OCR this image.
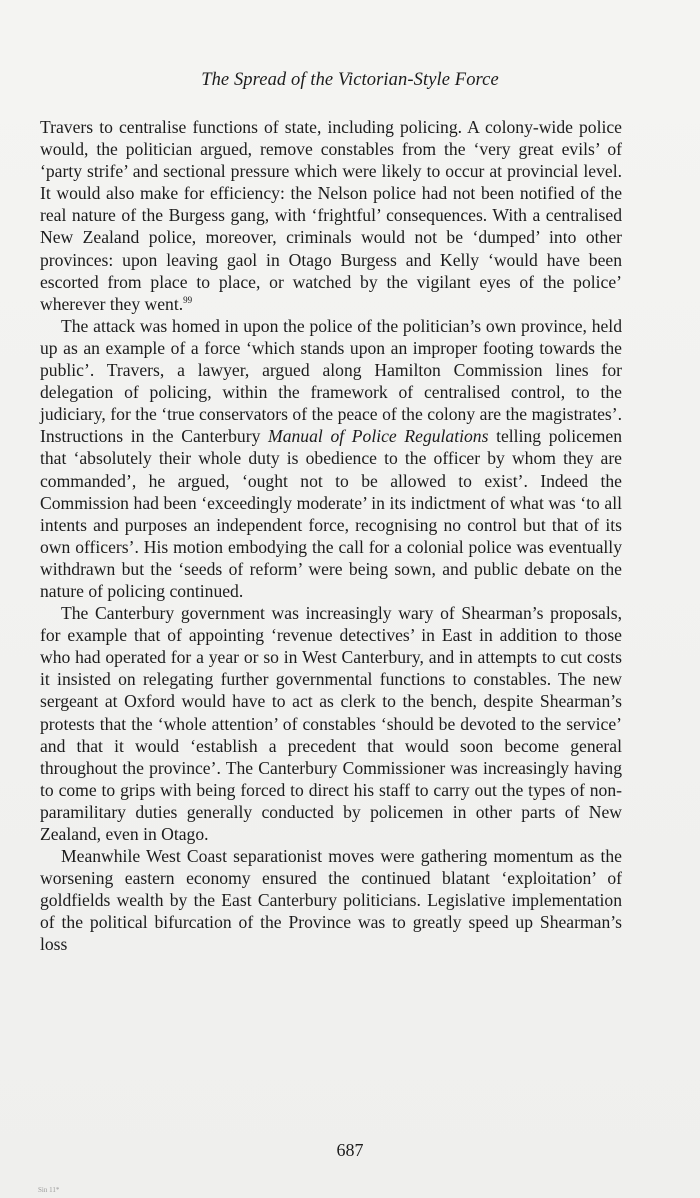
The Spread of the Victorian-Style Force

Travers to centralise functions of state, including policing. A colony-wide police would, the politician argued, remove constables from the ‘very great evils’ of ‘party strife’ and sectional pressure which were likely to occur at provincial level. It would also make for efficiency: the Nelson police had not been notified of the real nature of the Burgess gang, with ‘frightful’ consequences. With a centralised New Zealand police, moreover, criminals would not be ‘dumped’ into other provinces: upon leaving gaol in Otago Burgess and Kelly ‘would have been escorted from place to place, or watched by the vigilant eyes of the police’ wherever they went.$^{99}$

The attack was homed in upon the police of the politician’s own province, held up as an example of a force ‘which stands upon an improper footing towards the public’. Travers, a lawyer, argued along Hamilton Commission lines for delegation of policing, within the framework of centralised control, to the judiciary, for the ‘true conservators of the peace of the colony are the magistrates’. Instructions in the Canterbury Manual of Police Regulations telling policemen that ‘absolutely their whole duty is obedience to the officer by whom they are commanded’, he argued, ‘ought not to be allowed to exist’. Indeed the Commission had been ‘exceedingly moderate’ in its indictment of what was ‘to all intents and purposes an independent force, recognising no control but that of its own officers’. His motion embodying the call for a colonial police was eventually withdrawn but the ‘seeds of reform’ were being sown, and public debate on the nature of policing continued.

The Canterbury government was increasingly wary of Shearman’s proposals, for example that of appointing ‘revenue detectives’ in East in addition to those who had operated for a year or so in West Canterbury, and in attempts to cut costs it insisted on relegating further governmental functions to constables. The new sergeant at Oxford would have to act as clerk to the bench, despite Shearman’s protests that the ‘whole attention’ of constables ‘should be devoted to the service’ and that it would ‘establish a precedent that would soon become general throughout the province’. The Canterbury Commissioner was increasingly having to come to grips with being forced to direct his staff to carry out the types of non-paramilitary duties generally conducted by policemen in other parts of New Zealand, even in Otago.

Meanwhile West Coast separationist moves were gathering momentum as the worsening eastern economy ensured the continued blatant ‘exploitation’ of goldfields wealth by the East Canterbury politicians. Legislative implementation of the political bifurcation of the Province was to greatly speed up Shearman’s loss

687
Sin 11*
